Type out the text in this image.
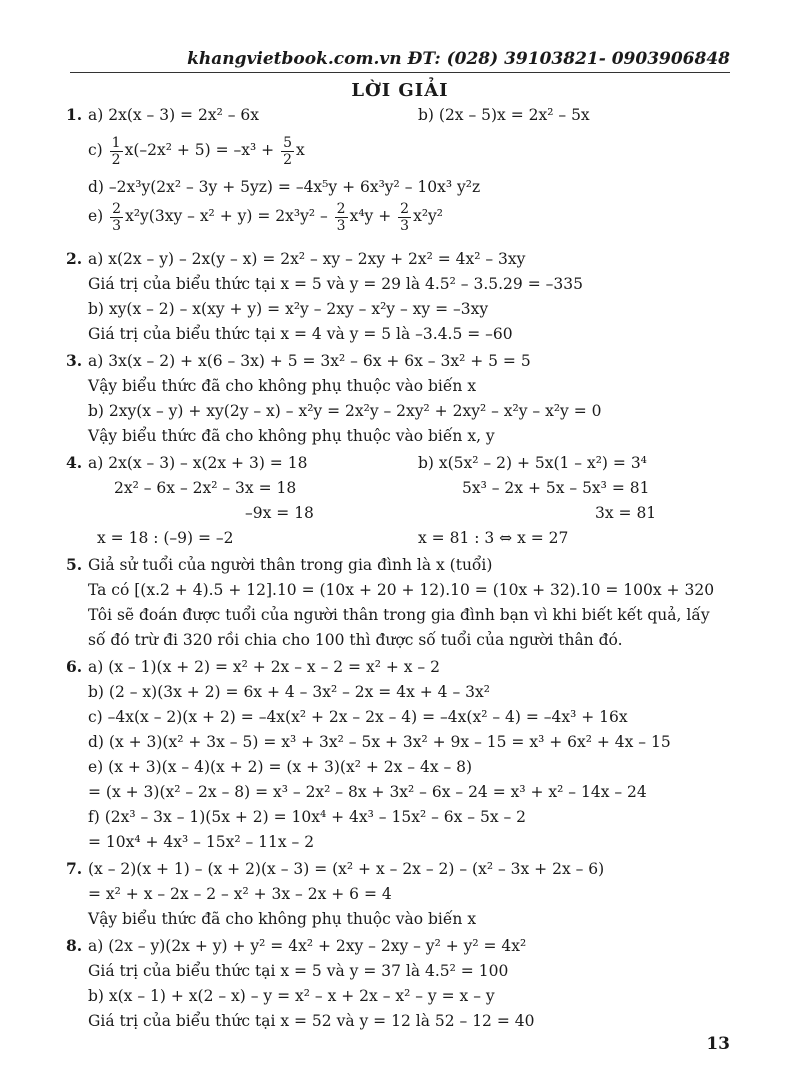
khangvietbook.com.vn ĐT: (028) 39103821- 0903906848
LỜI GIẢI
1. a) 2x(x – 3) = 2x² – 6x	b) (2x – 5)x = 2x² – 5x
$c) \frac{1}{2} x(-2x^2 + 5) = -x^3 + \frac{5}{2}$ x
d) –2x³y(2x² – 3y + 5yz) = –4x⁵y + 6x³y² – 10x³ y²z
$e) \frac{2}{3} x^2y(3xy - x^2 + y) = 2x^3y^2 - \frac{2}{3} x^4y + \frac{2}{3} x^2y^2$
2. a) x(2x – y) – 2x(y – x) = 2x² – xy – 2xy + 2x² = 4x² – 3xy
Giá trị của biểu thức tại x = 5 và y = 29 là 4.5² – 3.5.29 = –335
b) xy(x – 2) – x(xy + y) = x²y – 2xy – x²y – xy = –3xy
Giá trị của biểu thức tại x = 4 và y = 5 là –3.4.5 = –60
3. a) 3x(x – 2) + x(6 – 3x) + 5 = 3x² – 6x + 6x – 3x² + 5 = 5
Vậy biểu thức đã cho không phụ thuộc vào biến x
b) 2xy(x – y) + xy(2y – x) – x²y = 2x²y – 2xy² + 2xy² – x²y – x²y = 0
Vậy biểu thức đã cho không phụ thuộc vào biến x, y
4. a) 2x(x – 3) – x(2x + 3) = 18
2x² – 6x – 2x² – 3x = 18
–9x = 18
x = 18 : (–9) = –2
b) x(5x² – 2) + 5x(1 – x²) = 3⁴
5x³ – 2x + 5x – 5x³ = 81
3x = 81
x = 81 : 3 ⇔ x = 27
5. Giả sử tuổi của người thân trong gia đình là x (tuổi)
Ta có [(x.2 + 4).5 + 12].10 = (10x + 20 + 12).10 = (10x + 32).10 = 100x + 320
Tôi sẽ đoán được tuổi của người thân trong gia đình bạn vì khi biết kết quả, lấy
số đó trừ đi 320 rồi chia cho 100 thì được số tuổi của người thân đó.
6. a) (x – 1)(x + 2) = x² + 2x – x – 2 = x² + x – 2
b) (2 – x)(3x + 2) = 6x + 4 – 3x² – 2x = 4x + 4 – 3x²
c) –4x(x – 2)(x + 2) = –4x(x² + 2x – 2x – 4) = –4x(x² – 4) = –4x³ + 16x
d) (x + 3)(x² + 3x – 5) = x³ + 3x² – 5x + 3x² + 9x – 15 = x³ + 6x² + 4x – 15
e) (x + 3)(x – 4)(x + 2) = (x + 3)(x² + 2x – 4x – 8)
= (x + 3)(x² – 2x – 8) = x³ – 2x² – 8x + 3x² – 6x – 24 = x³ + x² – 14x – 24
f) (2x³ – 3x – 1)(5x + 2) = 10x⁴ + 4x³ – 15x² – 6x – 5x – 2
= 10x⁴ + 4x³ – 15x² – 11x – 2
7. (x – 2)(x + 1) – (x + 2)(x – 3) = (x² + x – 2x – 2) – (x² – 3x + 2x – 6)
= x² + x – 2x – 2 – x² + 3x – 2x + 6 = 4
Vậy biểu thức đã cho không phụ thuộc vào biến x
8. a) (2x – y)(2x + y) + y² = 4x² + 2xy – 2xy – y² + y² = 4x²
Giá trị của biểu thức tại x = 5 và y = 37 là 4.5² = 100
b) x(x – 1) + x(2 – x) – y = x² – x + 2x – x² – y = x – y
Giá trị của biểu thức tại x = 52 và y = 12 là 52 – 12 = 40
13
